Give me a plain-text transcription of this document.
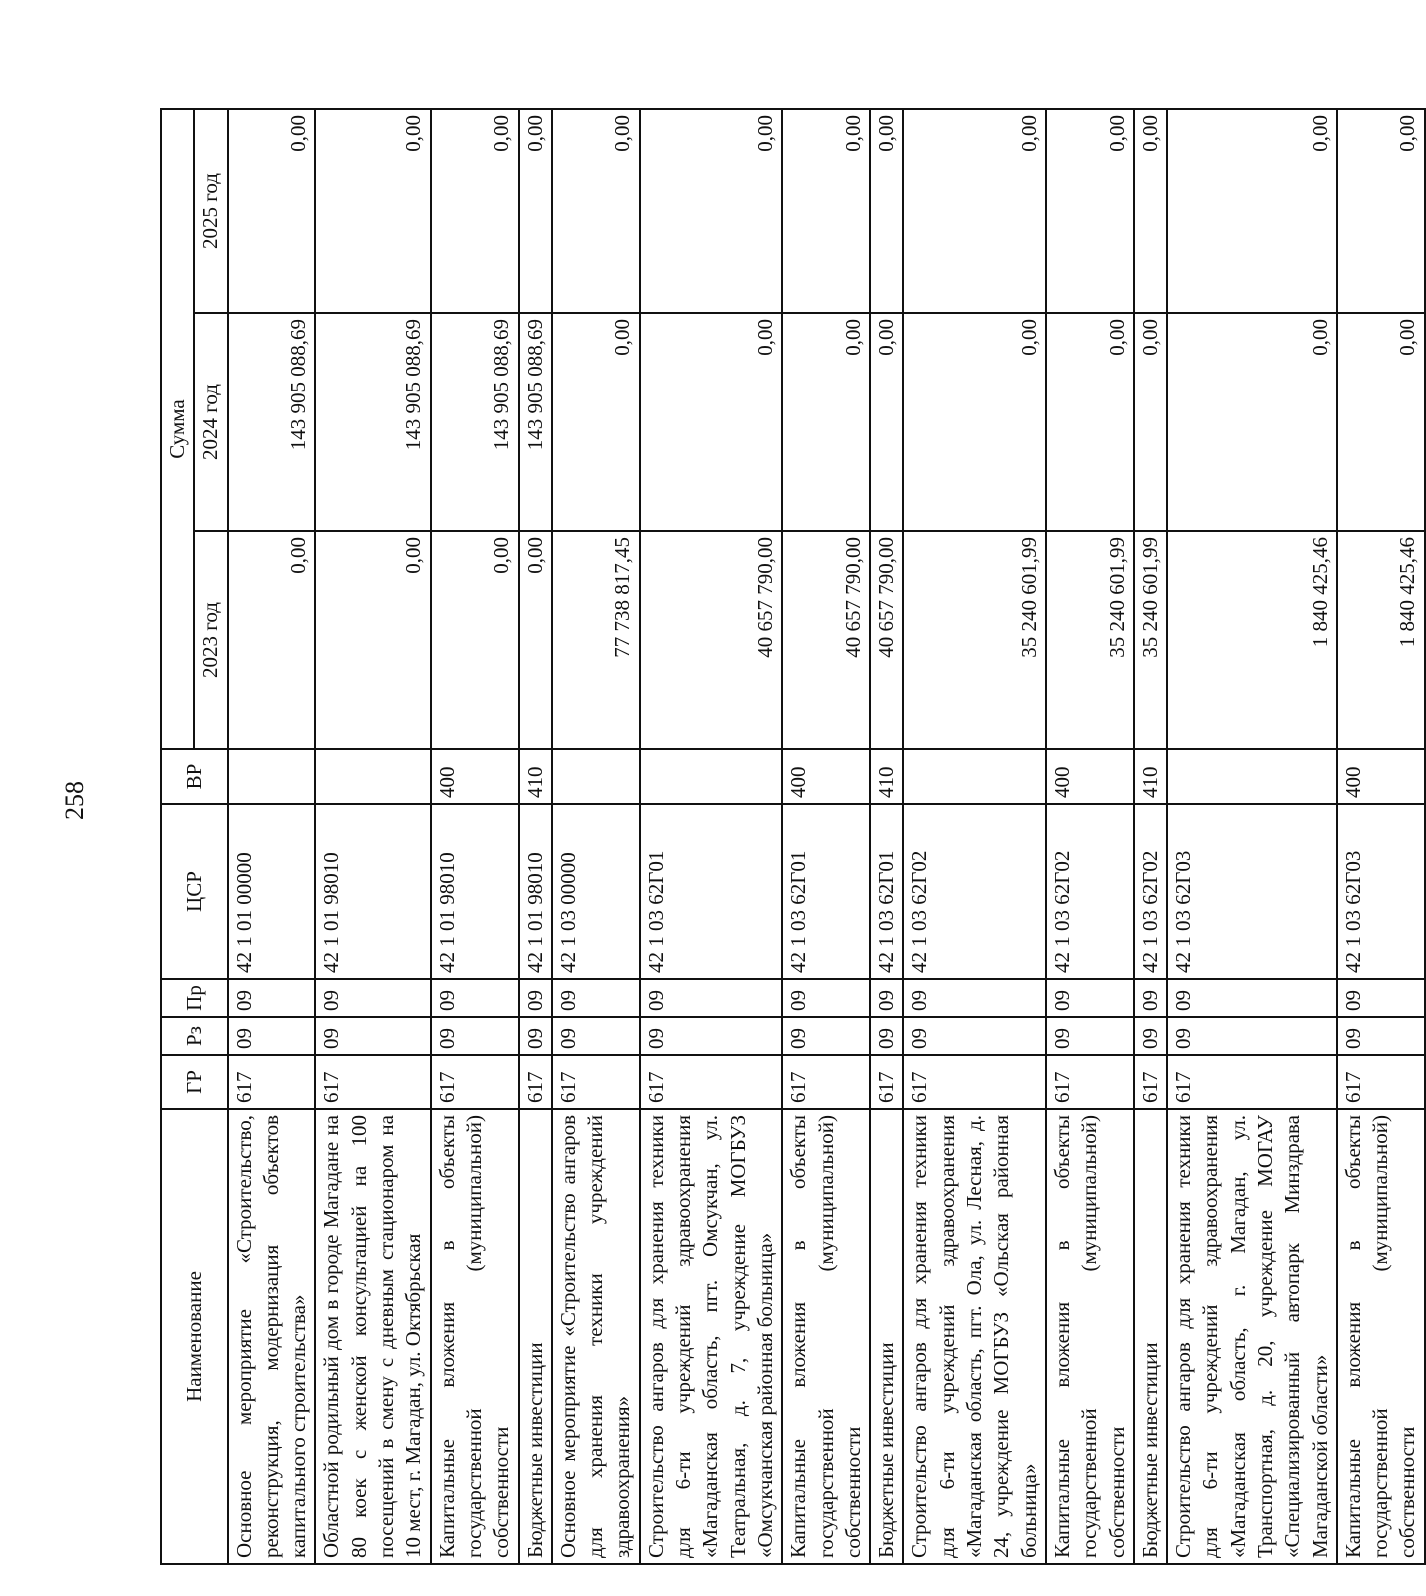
258
Наименование	ГР	Рз	Пр	ЦСР	ВР	Сумма		
						2023 год	2024 год	2025 год
Основное мероприятие «Строительство, реконструкция, модернизация объектов капитального строительства»	617	09	09	42 1 01 00000		0,00	143 905 088,69	0,00
Областной родильный дом в городе Магадане на 80 коек с женской консультацией на 100 посещений в смену с дневным стационаром на 10 мест, г. Магадан, ул. Октябрьская	617	09	09	42 1 01 98010		0,00	143 905 088,69	0,00
Капитальные вложения в объекты государственной (муниципальной) собственности	617	09	09	42 1 01 98010	400	0,00	143 905 088,69	0,00
Бюджетные инвестиции	617	09	09	42 1 01 98010	410	0,00	143 905 088,69	0,00
Основное мероприятие «Строительство ангаров для хранения техники учреждений здравоохранения»	617	09	09	42 1 03 00000		77 738 817,45	0,00	0,00
Строительство ангаров для хранения техники для 6-ти учреждений здравоохранения «Магаданская область, пгт. Омсукчан, ул. Театральная, д. 7, учреждение МОГБУЗ «Омсукчанская районная больница»	617	09	09	42 1 03 62Г01		40 657 790,00	0,00	0,00
Капитальные вложения в объекты государственной (муниципальной) собственности	617	09	09	42 1 03 62Г01	400	40 657 790,00	0,00	0,00
Бюджетные инвестиции	617	09	09	42 1 03 62Г01	410	40 657 790,00	0,00	0,00
Строительство ангаров для хранения техники для 6-ти учреждений здравоохранения «Магаданская область, пгт. Ола, ул. Лесная, д. 24, учреждение МОГБУЗ «Ольская районная больница»	617	09	09	42 1 03 62Г02		35 240 601,99	0,00	0,00
Капитальные вложения в объекты государственной (муниципальной) собственности	617	09	09	42 1 03 62Г02	400	35 240 601,99	0,00	0,00
Бюджетные инвестиции	617	09	09	42 1 03 62Г02	410	35 240 601,99	0,00	0,00
Строительство ангаров для хранения техники для 6-ти учреждений здравоохранения «Магаданская область, г. Магадан, ул. Транспортная, д. 20, учреждение МОГАУ «Специализированный автопарк Минздрава Магаданской области»	617	09	09	42 1 03 62Г03		1 840 425,46	0,00	0,00
Капитальные вложения в объекты государственной (муниципальной) собственности	617	09	09	42 1 03 62Г03	400	1 840 425,46	0,00	0,00
